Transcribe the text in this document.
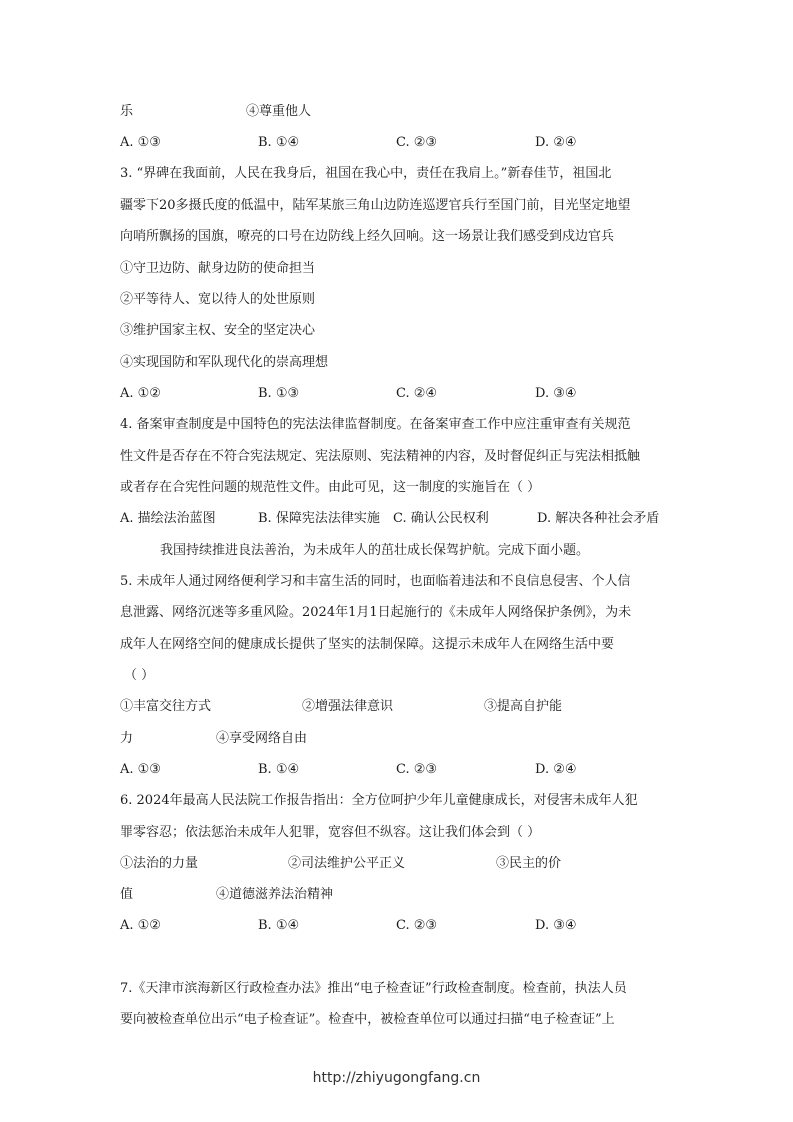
乐	④尊重他人
A. ①③	B. ①④	C. ②③	D. ②④
3. “界碑在我面前，人民在我身后，祖国在我心中，责任在我肩上。”新春佳节，祖国北
疆零下20多摄氏度的低温中，陆军某旅三角山边防连巡逻官兵行至国门前，目光坚定地望
向哨所飘扬的国旗，嘹亮的口号在边防线上经久回响。这一场景让我们感受到戍边官兵
①守卫边防、献身边防的使命担当
②平等待人、宽以待人的处世原则
③维护国家主权、安全的坚定决心
④实现国防和军队现代化的崇高理想
A. ①②	B. ①③	C. ②④	D. ③④
4. 备案审查制度是中国特色的宪法法律监督制度。在备案审查工作中应注重审查有关规范
性文件是否存在不符合宪法规定、宪法原则、宪法精神的内容，及时督促纠正与宪法相抵触
或者存在合宪性问题的规范性文件。由此可见，这一制度的实施旨在（ ）
A. 描绘法治蓝图	B. 保障宪法法律实施 C. 确认公民权利	D. 解决各种社会矛盾
我国持续推进良法善治，为未成年人的茁壮成长保驾护航。完成下面小题。
5. 未成年人通过网络便利学习和丰富生活的同时，也面临着违法和不良信息侵害、个人信
息泄露、网络沉迷等多重风险。2024年1月1日起施行的《未成年人网络保护条例》，为未
成年人在网络空间的健康成长提供了坚实的法制保障。这提示未成年人在网络生活中要
（ ）
①丰富交往方式	②增强法律意识	③提高自护能
力	④享受网络自由
A. ①③	B. ①④	C. ②③	D. ②④
6. 2024年最高人民法院工作报告指出：全方位呵护少年儿童健康成长，对侵害未成年人犯
罪零容忍；依法惩治未成年人犯罪，宽容但不纵容。这让我们体会到（ ）
①法治的力量	②司法维护公平正义	③民主的价
值	④道德滋养法治精神
A. ①②	B. ①④	C. ②③	D. ③④
7.《天津市滨海新区行政检查办法》推出“电子检查证”行政检查制度。检查前，执法人员
要向被检查单位出示“电子检查证”。检查中，被检查单位可以通过扫描“电子检查证”上
http://zhiyugongfang.cn
